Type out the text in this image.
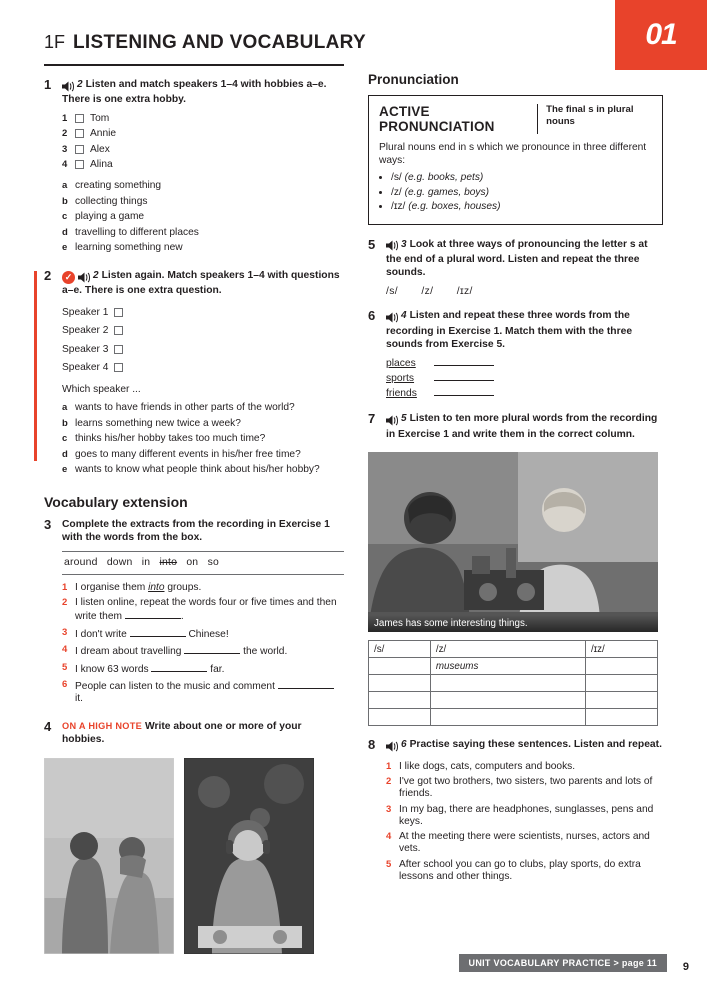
01
1F LISTENING AND VOCABULARY
1	2 Listen and match speakers 1–4 with hobbies a–e. There is one extra hobby.
1	Tom
2	Annie
3	Alex
4	Alina
a creating something
b collecting things
c playing a game
d travelling to different places
e learning something new
2	✓ 2 Listen again. Match speakers 1–4 with questions a–e. There is one extra question.
Speaker 1
Speaker 2
Speaker 3
Speaker 4
Which speaker ...
a wants to have friends in other parts of the world?
b learns something new twice a week?
c thinks his/her hobby takes too much time?
d goes to many different events in his/her free time?
e wants to know what people think about his/her hobby?
Vocabulary extension
3	Complete the extracts from the recording in Exercise 1 with the words from the box.
around down in into on so
1 I organise them into groups.
2 I listen online, repeat the words four or five times and then write them	.
3 I don't write	Chinese!
4 I dream about travelling	the world.
5 I know 63 words	far.
6 People can listen to the music and comment  it.
4	ON A HIGH NOTE Write about one or more of your hobbies.
Pronunciation
ACTIVE PRONUNCIATION
The final s in plural nouns
Plural nouns end in s which we pronounce in three different ways:
• /s/ (e.g. books, pets)
• /z/ (e.g. games, boys)
• /ɪz/ (e.g. boxes, houses)
5	3 Look at three ways of pronouncing the letter s at the end of a plural word. Listen and repeat the three sounds.
/s/ /z/ /ɪz/
6	4 Listen and repeat these three words from the recording in Exercise 1. Match them with the three sounds from Exercise 5.
places
sports
friends
7	5 Listen to ten more plural words from the recording in Exercise 1 and write them in the correct column.
James has some interesting things.
/s/	/z/	/ɪz/
	museums	

8	6 Practise saying these sentences. Listen and repeat.
1 I like dogs, cats, computers and books.
2 I've got two brothers, two sisters, two parents and lots of friends.
3 In my bag, there are headphones, sunglasses, pens and keys.
4 At the meeting there were scientists, nurses, actors and vets.
5 After school you can go to clubs, play sports, do extra lessons and other things.
UNIT VOCABULARY PRACTICE > page 11	9
